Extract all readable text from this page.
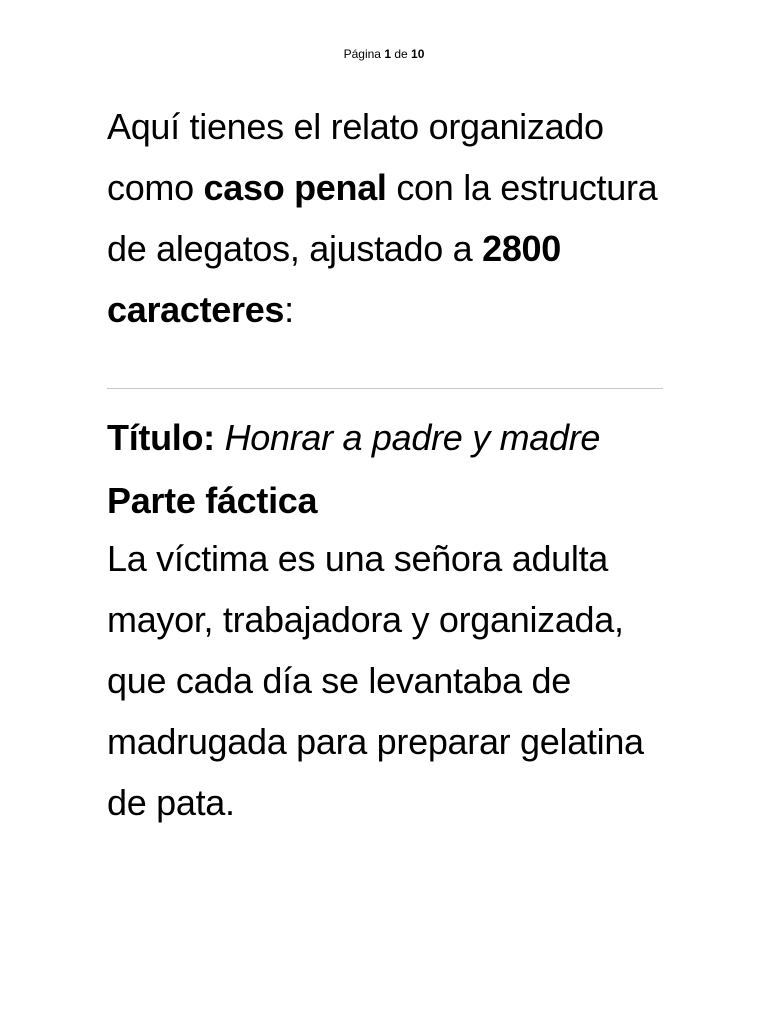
Página 1 de 10

Aquí tienes el relato organizado como caso penal con la estructura de alegatos, ajustado a 2800 caracteres:

Título: Honrar a padre y madre
Parte fáctica

La víctima es una señora adulta mayor, trabajadora y organizada, que cada día se levantaba de madrugada para preparar gelatina de pata.
